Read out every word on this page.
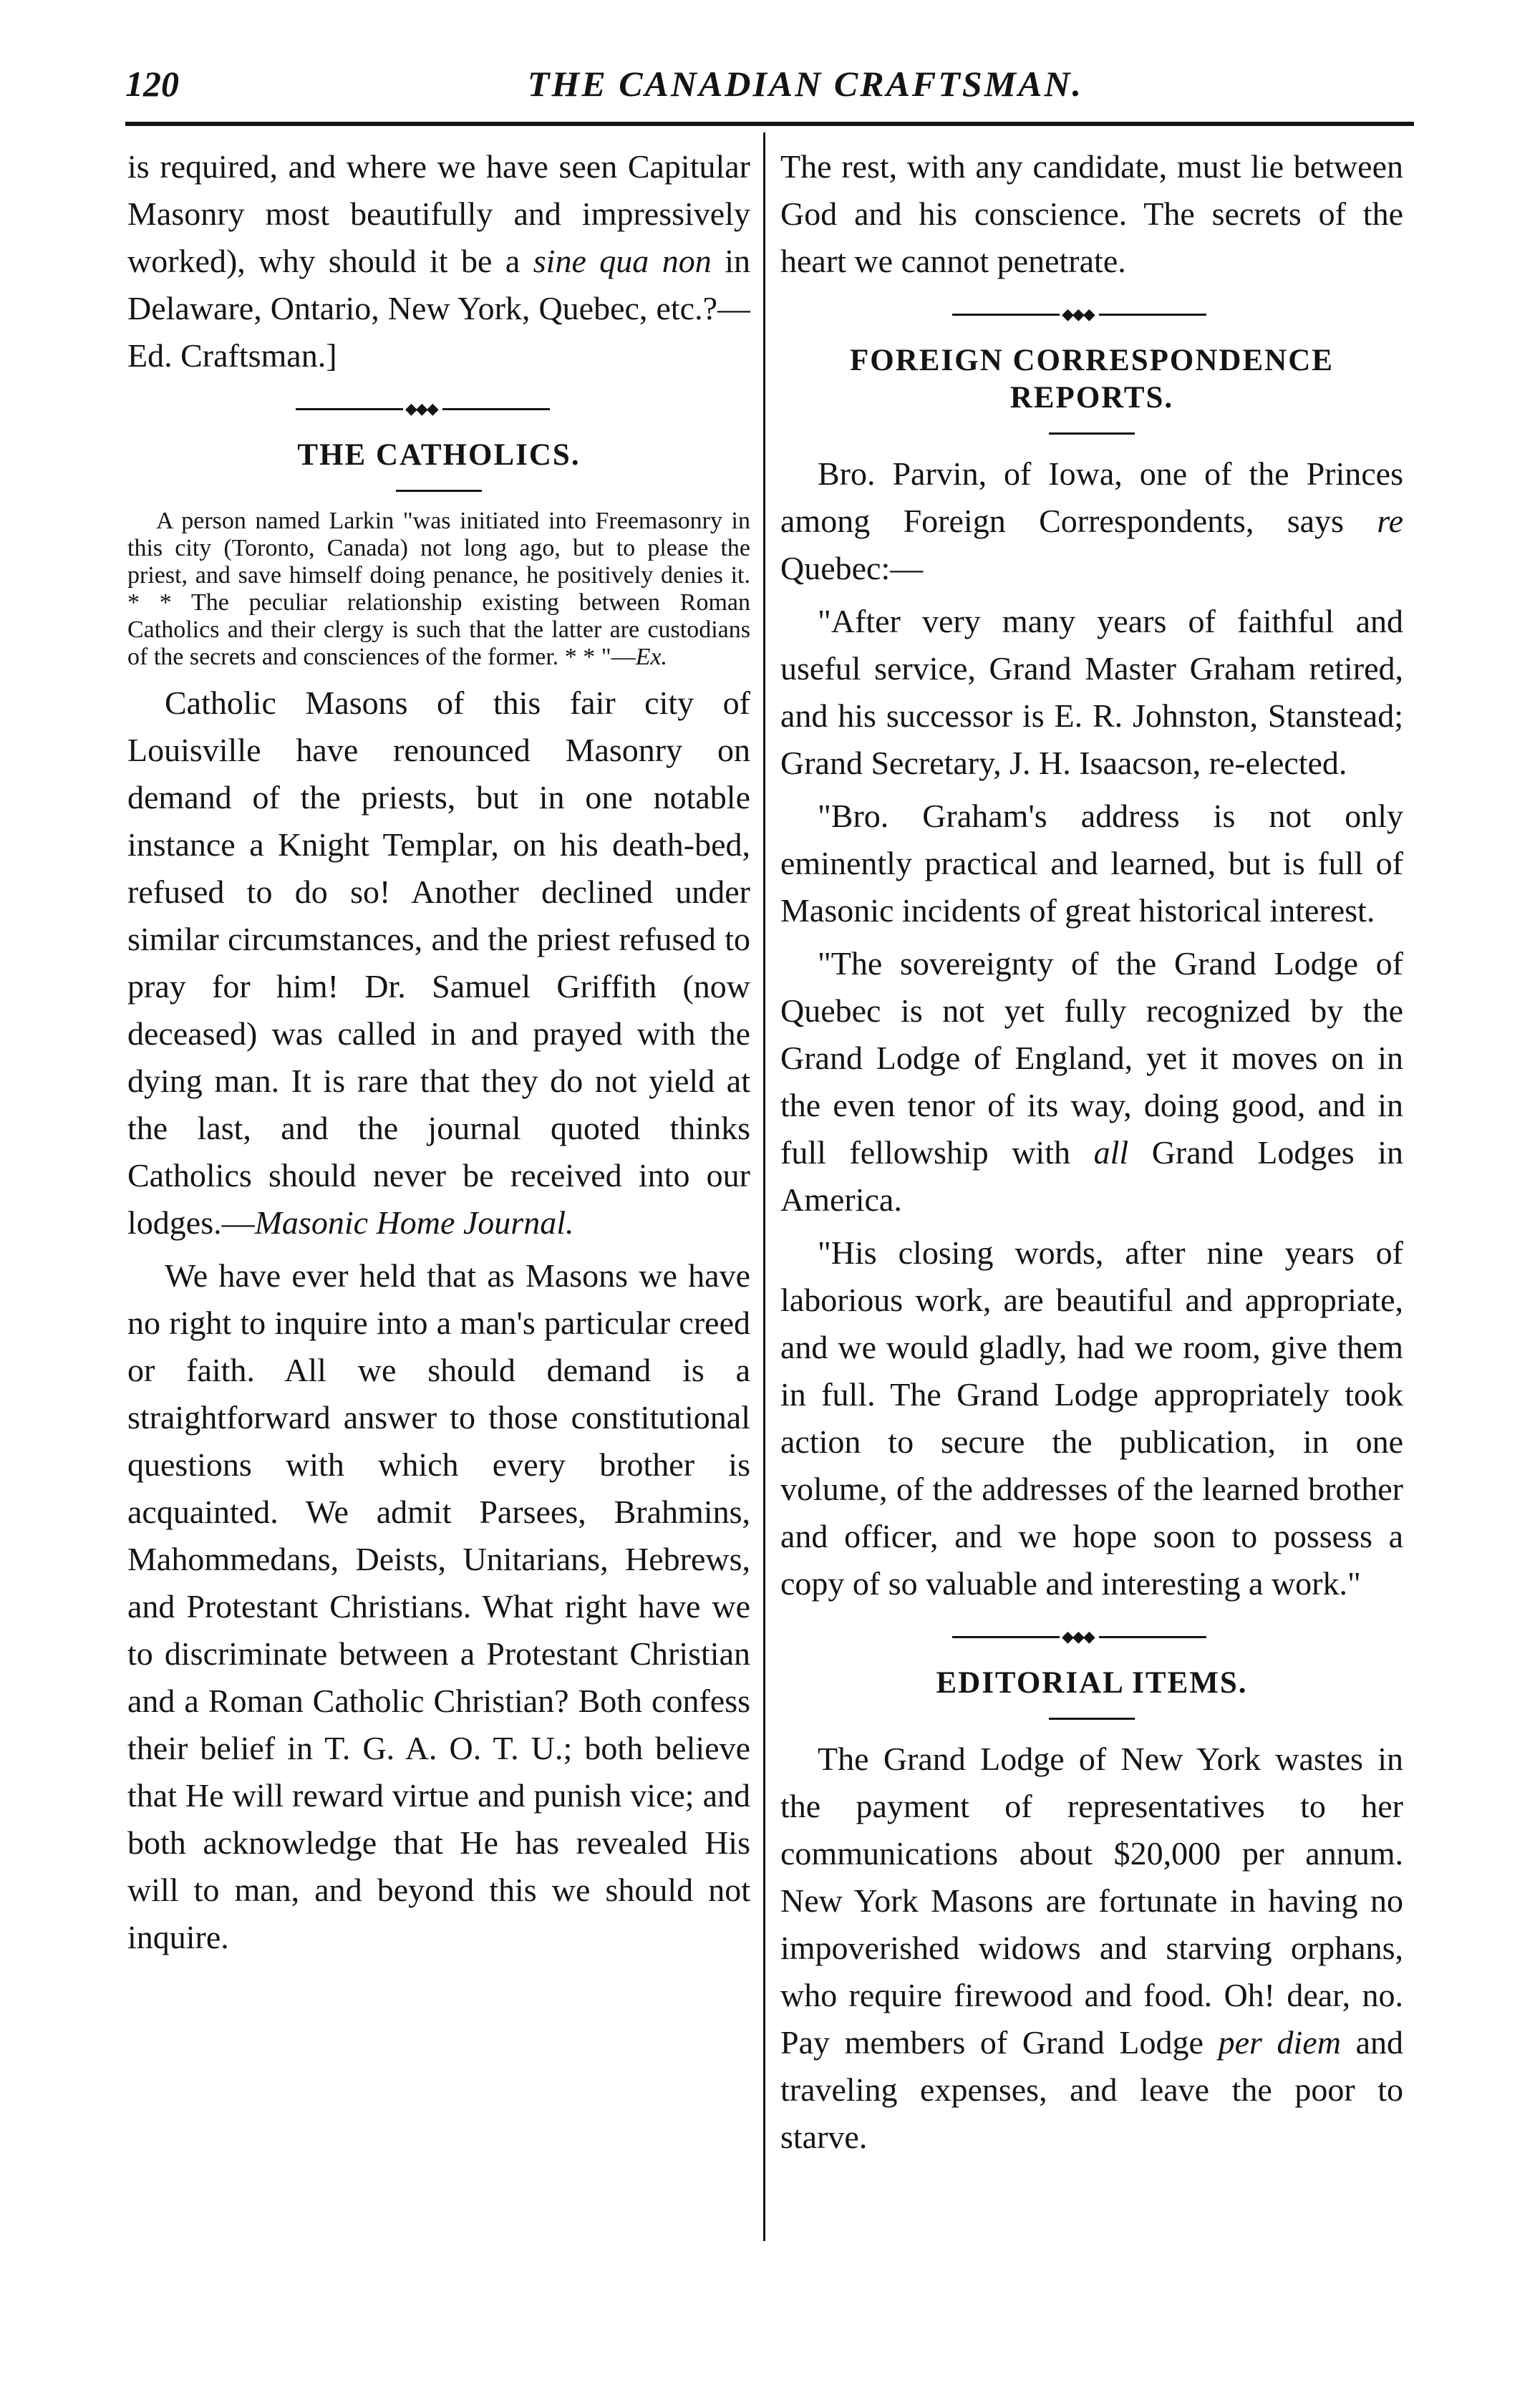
120	THE CANADIAN CRAFTSMAN.

is required, and where we have seen Capitular Masonry most beautifully and impressively worked), why should it be a sine qua non in Delaware, Ontario, New York, Quebec, etc.?—Ed. Craftsman.]

◆◆◆
THE CATHOLICS.

A person named Larkin "was initiated into Freemasonry in this city (Toronto, Canada) not long ago, but to please the priest, and save himself doing penance, he positively denies it. * * The peculiar relationship existing between Roman Catholics and their clergy is such that the latter are custodians of the secrets and consciences of the former. * * "—Ex.

Catholic Masons of this fair city of Louisville have renounced Masonry on demand of the priests, but in one notable instance a Knight Templar, on his death-bed, refused to do so! Another declined under similar circumstances, and the priest refused to pray for him! Dr. Samuel Griffith (now deceased) was called in and prayed with the dying man. It is rare that they do not yield at the last, and the journal quoted thinks Catholics should never be received into our lodges.—Masonic Home Journal.

We have ever held that as Masons we have no right to inquire into a man's particular creed or faith. All we should demand is a straightforward answer to those constitutional questions with which every brother is acquainted. We admit Parsees, Brahmins, Mahommedans, Deists, Unitarians, Hebrews, and Protestant Christians. What right have we to discriminate between a Protestant Christian and a Roman Catholic Christian? Both confess their belief in T. G. A. O. T. U.; both believe that He will reward virtue and punish vice; and both acknowledge that He has revealed His will to man, and beyond this we should not inquire.

The rest, with any candidate, must lie between God and his conscience. The secrets of the heart we cannot penetrate.

◆◆◆
FOREIGN CORRESPONDENCE REPORTS.

Bro. Parvin, of Iowa, one of the Princes among Foreign Correspondents, says re Quebec:—

"After very many years of faithful and useful service, Grand Master Graham retired, and his successor is E. R. Johnston, Stanstead; Grand Secretary, J. H. Isaacson, re-elected.

"Bro. Graham's address is not only eminently practical and learned, but is full of Masonic incidents of great historical interest.

"The sovereignty of the Grand Lodge of Quebec is not yet fully recognized by the Grand Lodge of England, yet it moves on in the even tenor of its way, doing good, and in full fellowship with all Grand Lodges in America.

"His closing words, after nine years of laborious work, are beautiful and appropriate, and we would gladly, had we room, give them in full. The Grand Lodge appropriately took action to secure the publication, in one volume, of the addresses of the learned brother and officer, and we hope soon to possess a copy of so valuable and interesting a work."

◆◆◆
EDITORIAL ITEMS.

The Grand Lodge of New York wastes in the payment of representatives to her communications about $20,000 per annum. New York Masons are fortunate in having no impoverished widows and starving orphans, who require firewood and food. Oh! dear, no. Pay members of Grand Lodge per diem and traveling expenses, and leave the poor to starve.
